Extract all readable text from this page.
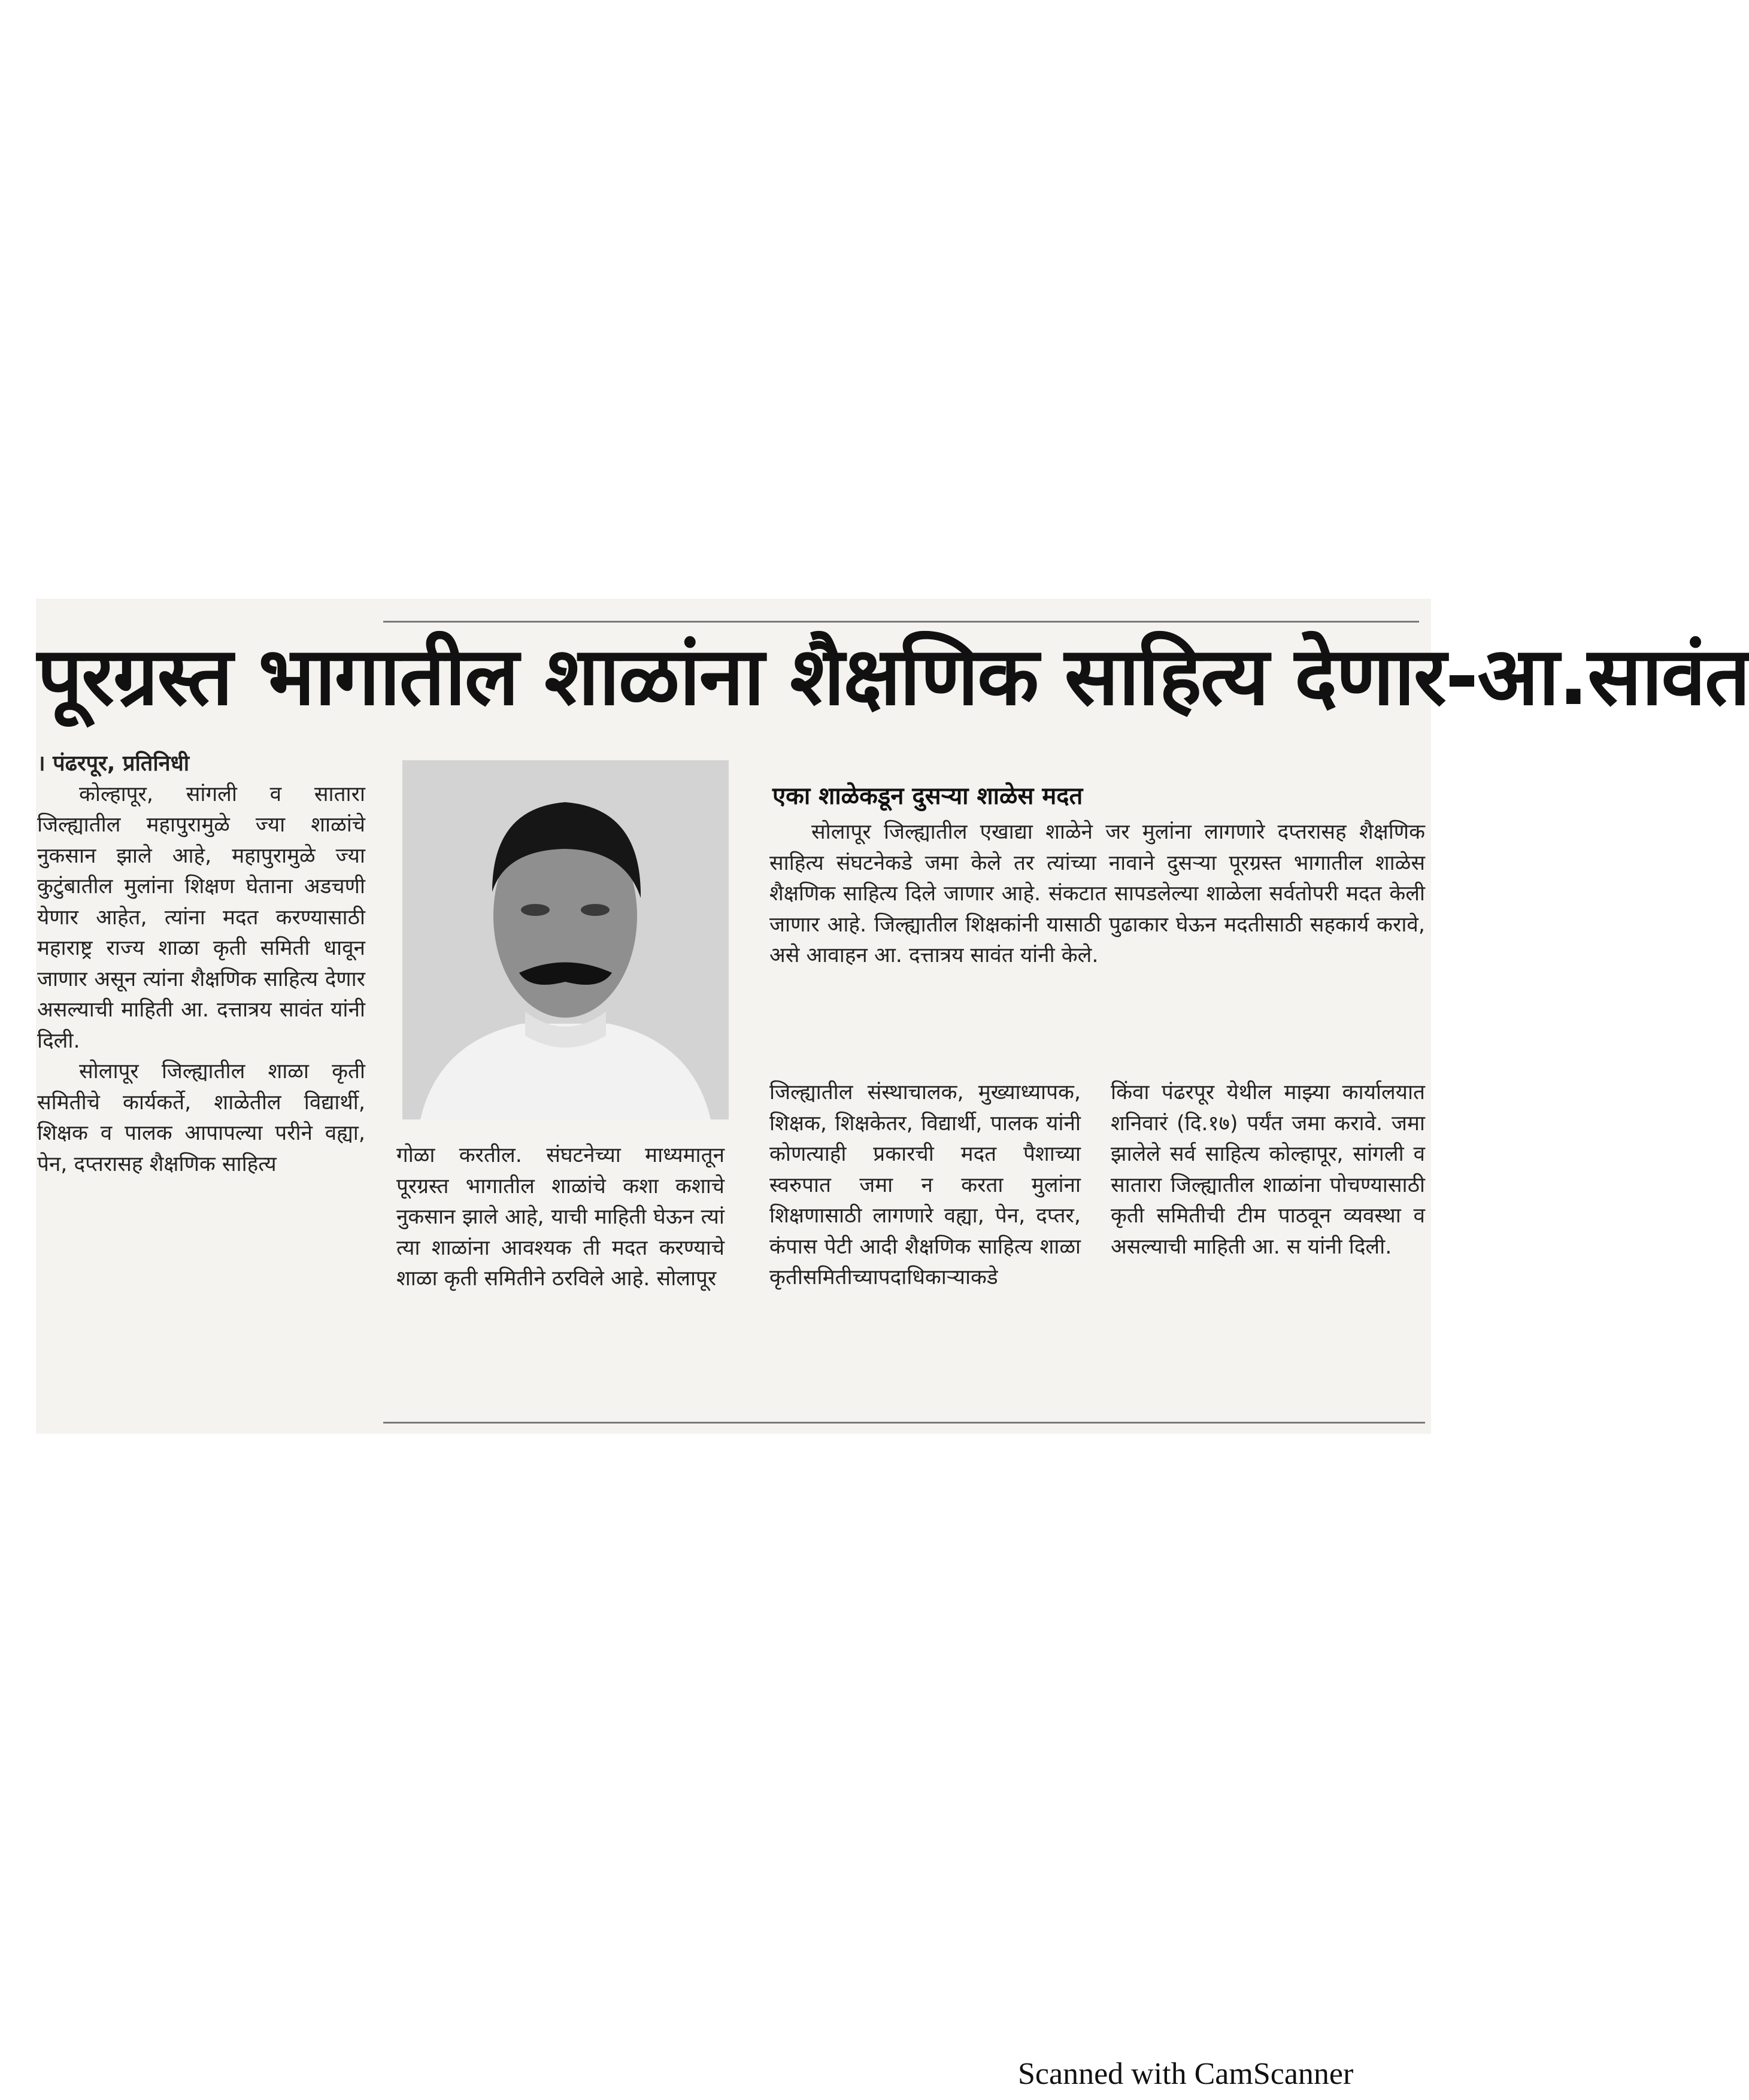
पूरग्रस्त भागातील शाळांना शैक्षणिक साहित्य देणार-आ.सावंत

। पंढरपूर, प्रतिनिधी

कोल्हापूर, सांगली व सातारा जिल्ह्यातील महापुरामुळे ज्या शाळांचे नुकसान झाले आहे, महापुरामुळे ज्या कुटुंबातील मुलांना शिक्षण घेताना अडचणी येणार आहेत, त्यांना मदत करण्यासाठी महाराष्ट्र राज्य शाळा कृती समिती धावून जाणार असून त्यांना शैक्षणिक साहित्य देणार असल्याची माहिती आ. दत्तात्रय सावंत यांनी दिली.

सोलापूर जिल्ह्यातील शाळा कृती समितीचे कार्यकर्ते, शाळेतील विद्यार्थी, शिक्षक व पालक आपापल्या परीने वह्या, पेन, दप्तरासह शैक्षणिक साहित्य	गोळा करतील. संघटनेच्या माध्यमातून पूरग्रस्त भागातील शाळांचे कशा कशाचे नुकसान झाले आहे, याची माहिती घेऊन त्यां त्या शाळांना आवश्यक ती मदत करण्याचे शाळा कृती समितीने ठरविले आहे. सोलापूर

एका शाळेकडून दुसऱ्या शाळेस मदत

सोलापूर जिल्ह्यातील एखाद्या शाळेने जर मुलांना लागणारे दप्तरासह शैक्षणिक साहित्य संघटनेकडे जमा केले तर त्यांच्या नावाने दुसऱ्या पूरग्रस्त भागातील शाळेस शैक्षणिक साहित्य दिले जाणार आहे. संकटात सापडलेल्या शाळेला सर्वतोपरी मदत केली जाणार आहे. जिल्ह्यातील शिक्षकांनी यासाठी पुढाकार घेऊन मदतीसाठी सहकार्य करावे, असे आवाहन आ. दत्तात्रय सावंत यांनी केले.

जिल्ह्यातील संस्थाचालक, मुख्याध्यापक, शिक्षक, शिक्षकेतर, विद्यार्थी, पालक यांनी कोणत्याही प्रकारची मदत पैशाच्या स्वरुपात जमा न करता मुलांना शिक्षणासाठी लागणारे वह्या, पेन, दप्तर, कंपास पेटी आदी शैक्षणिक साहित्य शाळा कृतीसमितीच्यापदाधिकाऱ्याकडे

किंवा पंढरपूर येथील माझ्या कार्यालयात शनिवारं (दि.१७) पर्यंत जमा करावे. जमा झालेले सर्व साहित्य कोल्हापूर, सांगली व सातारा जिल्ह्यातील शाळांना पोचण्यासाठी कृती समितीची टीम पाठवून व्यवस्था व असल्याची माहिती आ. स यांनी दिली.

Scanned with CamScanner
